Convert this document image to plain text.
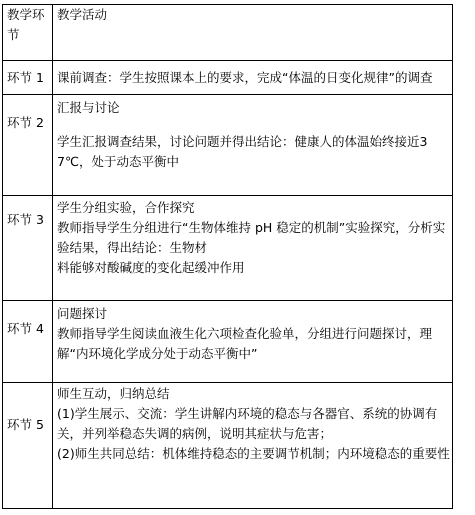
教学环节	教学活动
环节 1	课前调查：学生按照课本上的要求，完成“体温的日变化规律”的调查

环节 2	汇报与讨论
学生汇报调查结果，讨论问题并得出结论：健康人的体温始终接近37℃，处于动态平衡中

环节 3	学生分组实验，合作探究
教师指导学生分组进行“生物体维持 pH 稳定的机制”实验探究，分析实验结果，得出结论：生物材
料能够对酸碱度的变化起缓冲作用

环节 4	问题探讨
教师指导学生阅读血液生化六项检查化验单，分组进行问题探讨，理解“内环境化学成分处于动态平衡中”

环节 5	师生互动，归纳总结
(1)学生展示、交流：学生讲解内环境的稳态与各器官、系统的协调有关，并列举稳态失调的病例，说明其症状与危害；
(2)师生共同总结：机体维持稳态的主要调节机制；内环境稳态的重要性
